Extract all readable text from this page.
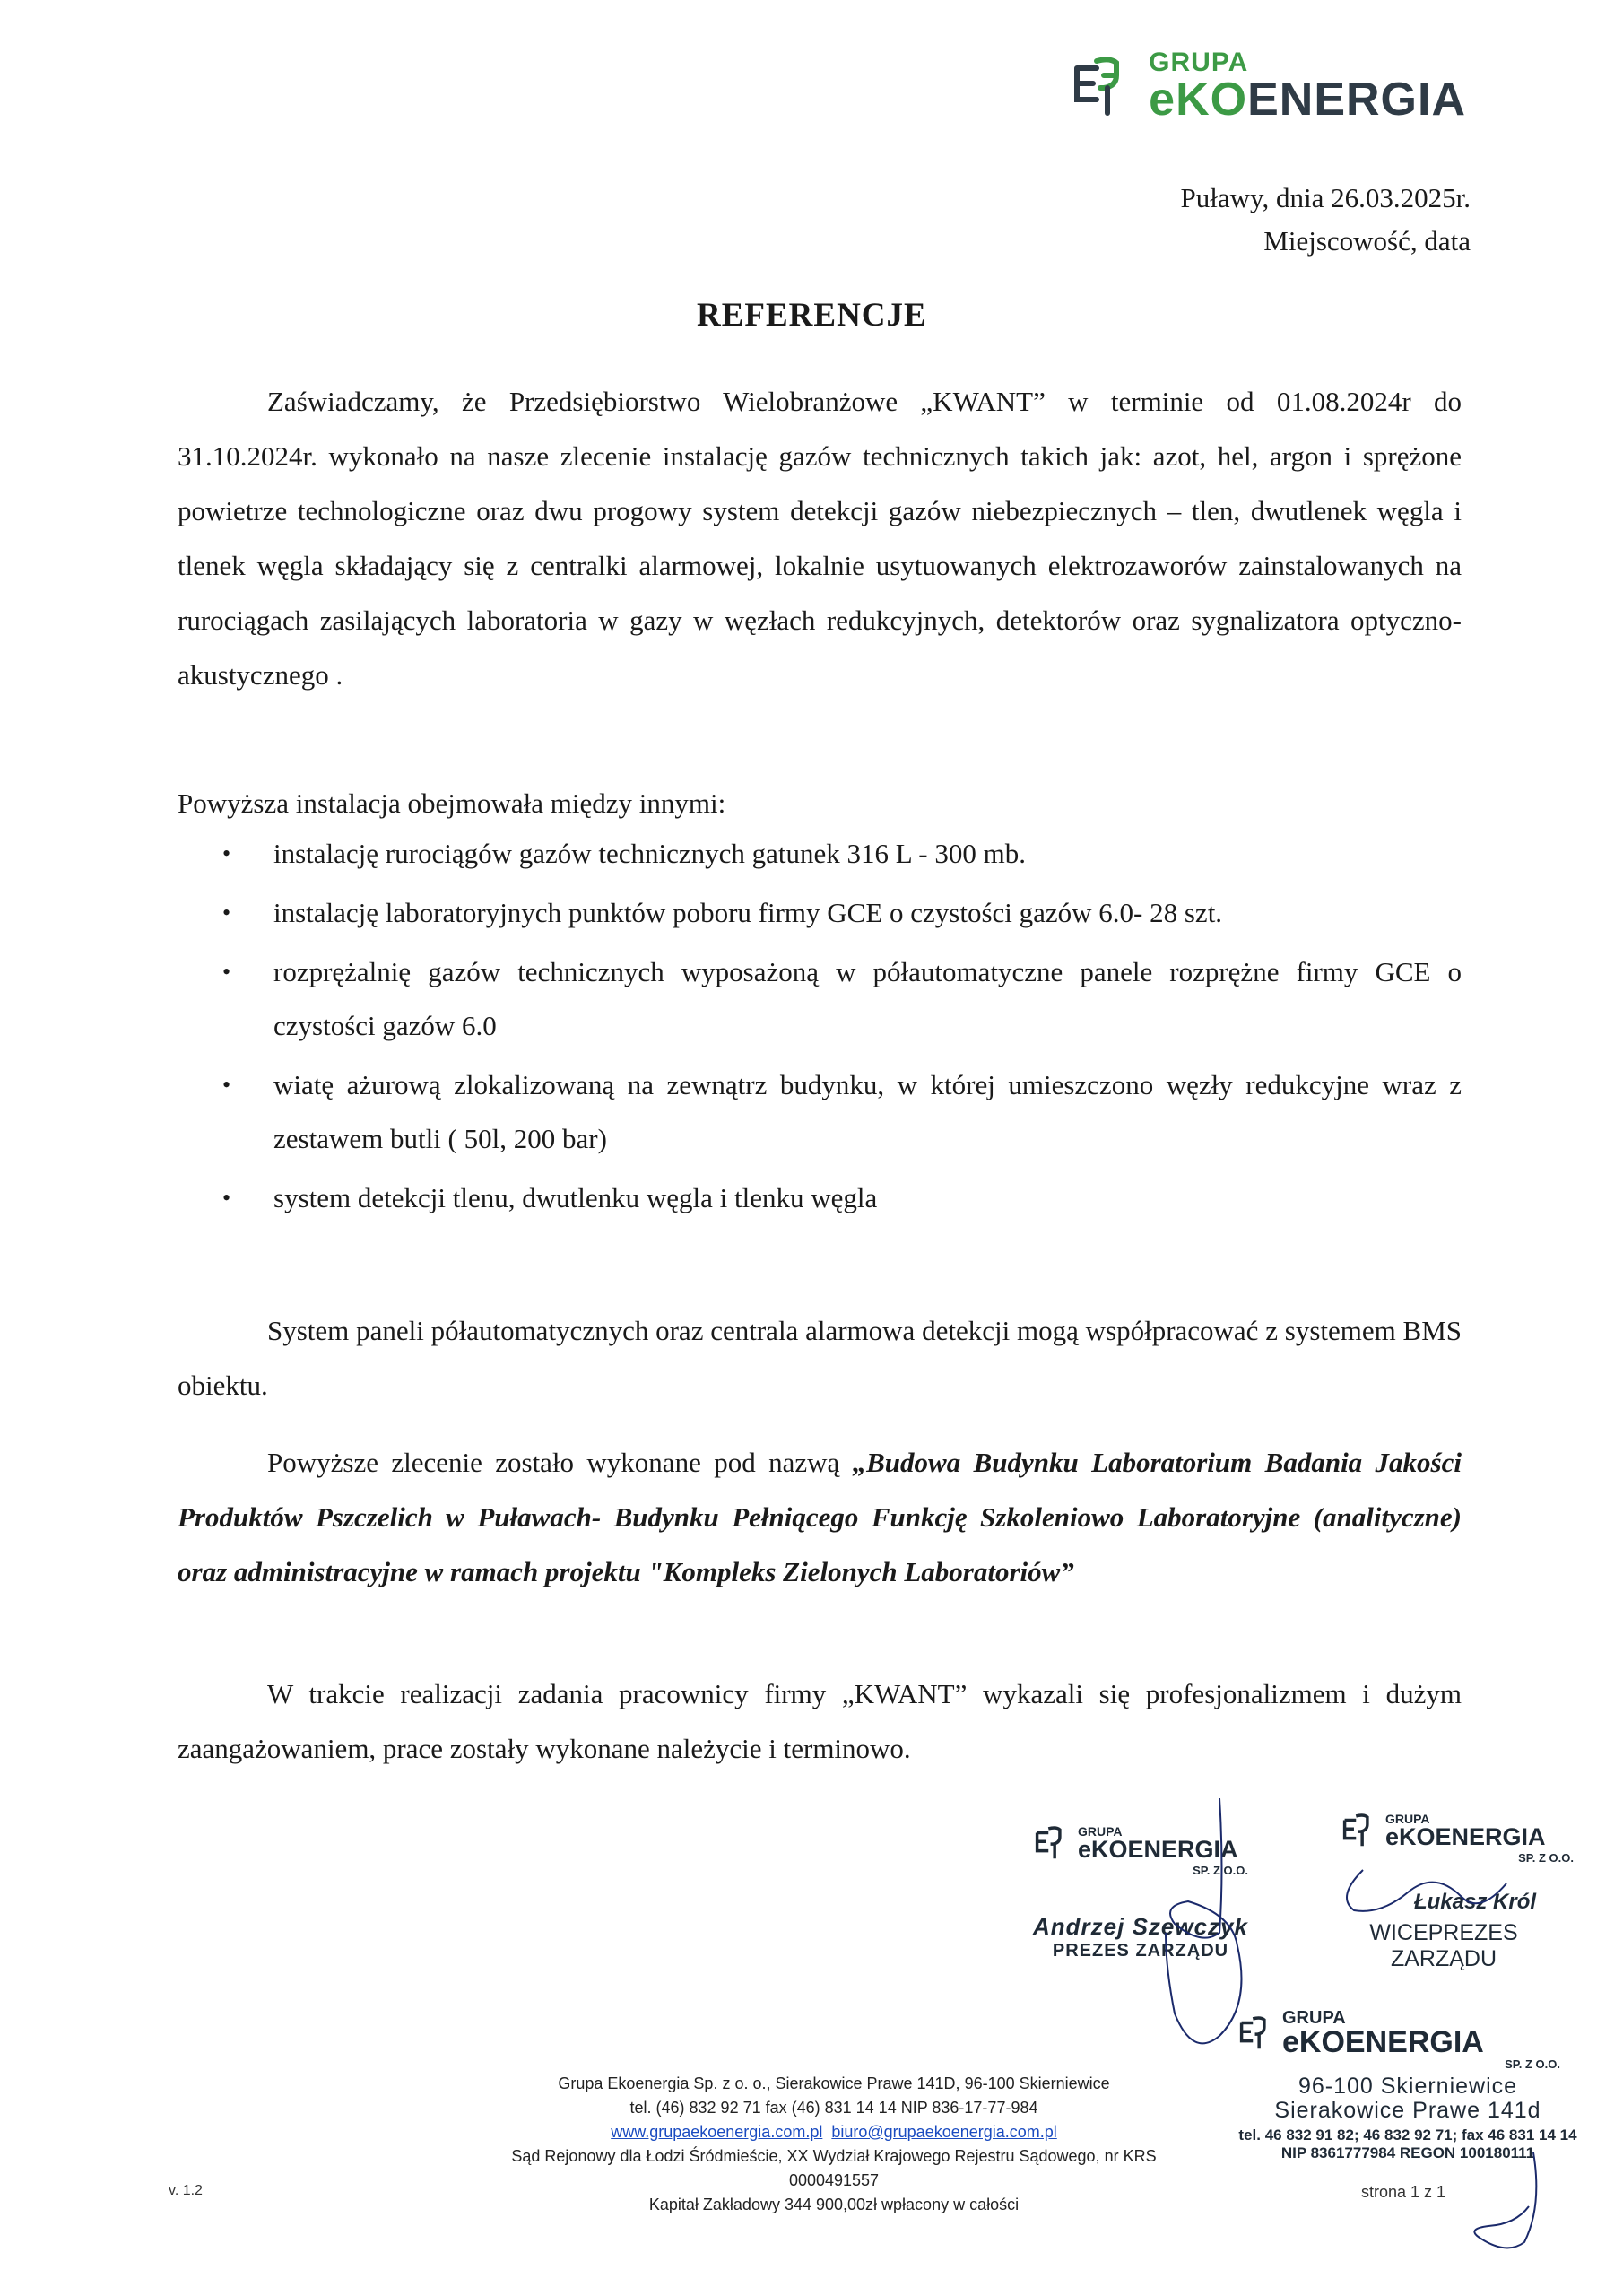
GRUPA
eKOENERGIA
Puławy, dnia 26.03.2025r.
Miejscowość, data
REFERENCJE
Zaświadczamy, że Przedsiębiorstwo Wielobranżowe „KWANT” w terminie od 01.08.2024r do 31.10.2024r. wykonało na nasze zlecenie instalację gazów technicznych takich jak: azot, hel, argon i sprężone powietrze technologiczne oraz dwu progowy system detekcji gazów niebezpiecznych – tlen, dwutlenek węgla i tlenek węgla składający się z centralki alarmowej, lokalnie usytuowanych elektrozaworów zainstalowanych na rurociągach zasilających laboratoria w gazy w węzłach redukcyjnych, detektorów oraz sygnalizatora optyczno- akustycznego .
Powyższa instalacja obejmowała między innymi:
• instalację rurociągów gazów technicznych gatunek 316 L - 300 mb.
• instalację laboratoryjnych punktów poboru firmy GCE o czystości gazów 6.0- 28 szt.
• rozprężalnię gazów technicznych wyposażoną w półautomatyczne panele rozprężne firmy GCE o czystości gazów 6.0
• wiatę ażurową zlokalizowaną na zewnątrz budynku, w której umieszczono węzły redukcyjne wraz z zestawem butli ( 50l, 200 bar)
• system detekcji tlenu, dwutlenku węgla i tlenku węgla
System paneli półautomatycznych oraz centrala alarmowa detekcji mogą współpracować z systemem BMS obiektu.
Powyższe zlecenie zostało wykonane pod nazwą „Budowa Budynku Laboratorium Badania Jakości Produktów Pszczelich w Puławach- Budynku Pełniącego Funkcję Szkoleniowo Laboratoryjne (analityczne) oraz administracyjne w ramach projektu "Kompleks Zielonych Laboratoriów”
W trakcie realizacji zadania pracownicy firmy „KWANT” wykazali się profesjonalizmem i dużym zaangażowaniem, prace zostały wykonane należycie i terminowo.
GRUPA
eKOENERGIA
SP. Z O.O.
Andrzej Szewczyk
PREZES ZARZĄDU
GRUPA
eKOENERGIA
SP. Z O.O.
Łukasz Król
WICEPREZES ZARZĄDU
GRUPA
eKOENERGIA
SP. Z O.O.
96-100 Skierniewice
Sierakowice Prawe 141d
tel. 46 832 91 82; 46 832 92 71; fax 46 831 14 14
NIP 8361777984 REGON 100180111
Grupa Ekoenergia Sp. z o. o., Sierakowice Prawe 141D, 96-100 Skierniewice
tel. (46) 832 92 71 fax (46) 831 14 14 NIP 836-17-77-984
www.grupaekoenergia.com.pl biuro@grupaekoenergia.com.pl
Sąd Rejonowy dla Łodzi Śródmieście, XX Wydział Krajowego Rejestru Sądowego, nr KRS 0000491557
Kapitał Zakładowy 344 900,00zł wpłacony w całości
v. 1.2	strona 1 z 1
